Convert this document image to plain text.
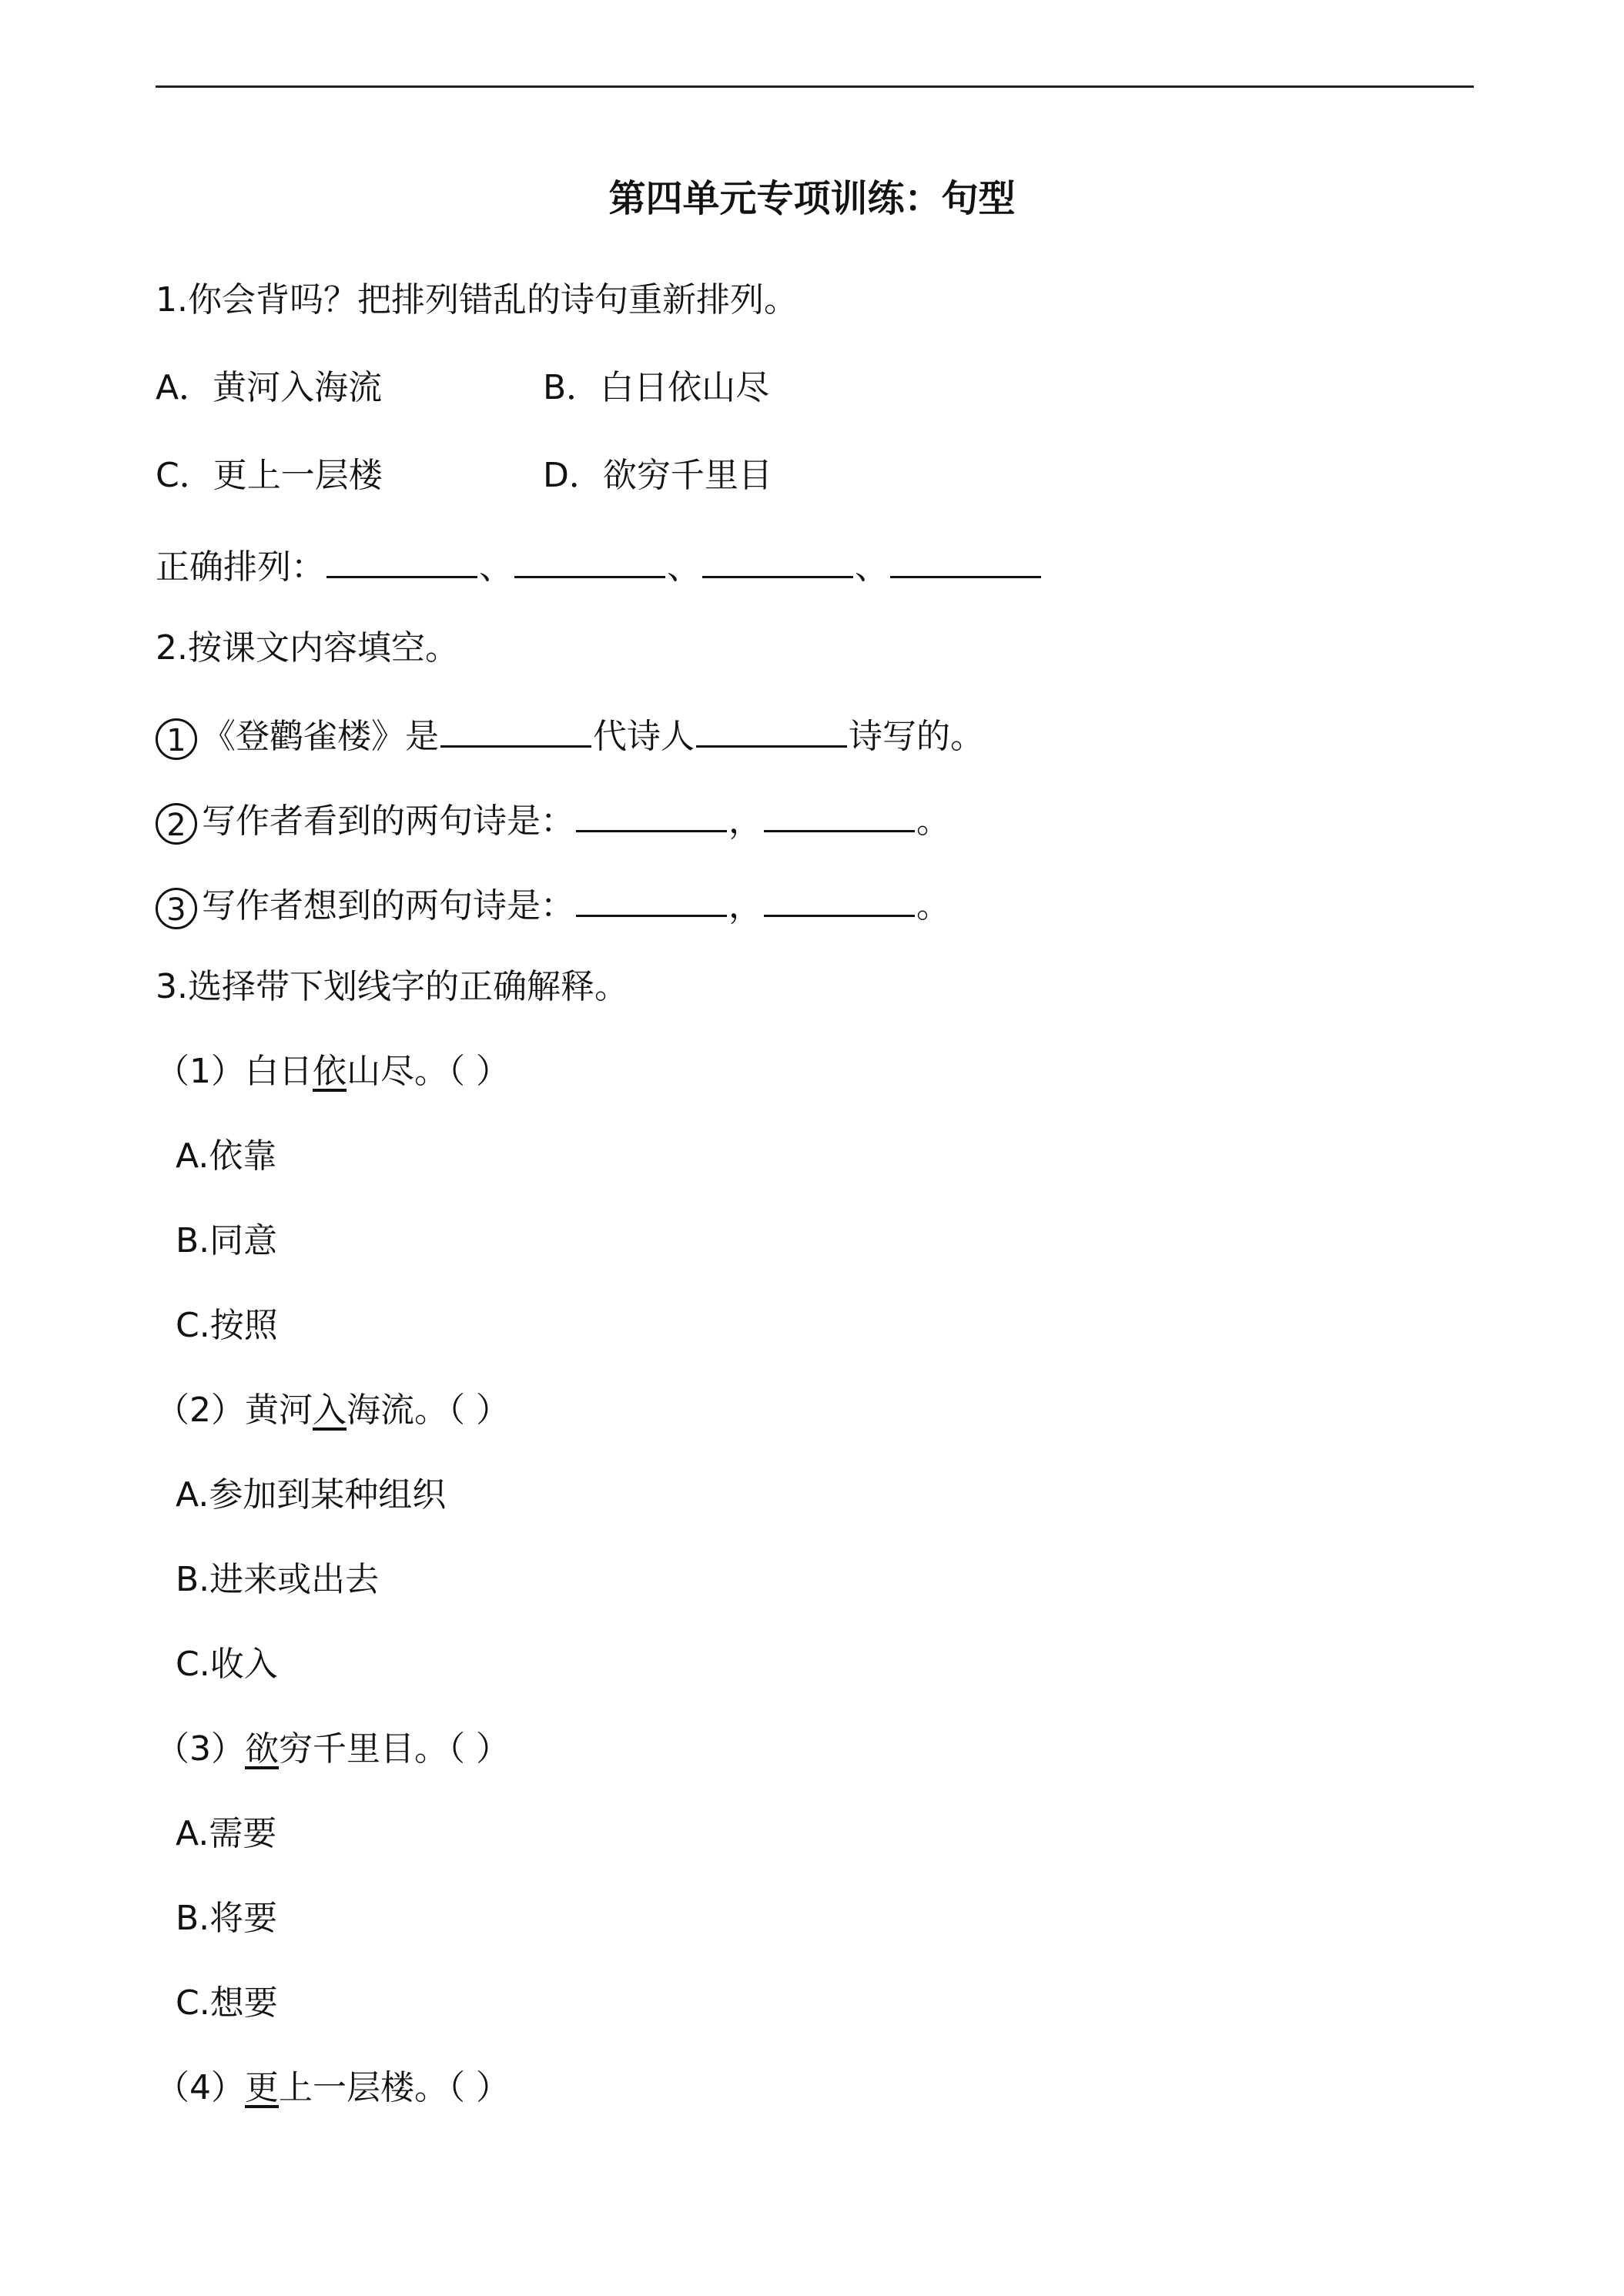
第四单元专项训练：句型
1.你会背吗？把排列错乱的诗句重新排列。
A．黄河入海流	B．白日依山尽
C．更上一层楼	D．欲穷千里目
正确排列：	、	、	、
2.按课文内容填空。
1 《登鹳雀楼》是	代诗人	诗写的。
2 写作者看到的两句诗是：	，	。
3 写作者想到的两句诗是：	，	。
3.选择带下划线字的正确解释。
（1）白日依山尽。（ ）
A.依靠
B.同意
C.按照
（2）黄河入海流。（ ）
A.参加到某种组织
B.进来或出去
C.收入
（3）欲穷千里目。（ ）
A.需要
B.将要
C.想要
（4）更上一层楼。（ ）
